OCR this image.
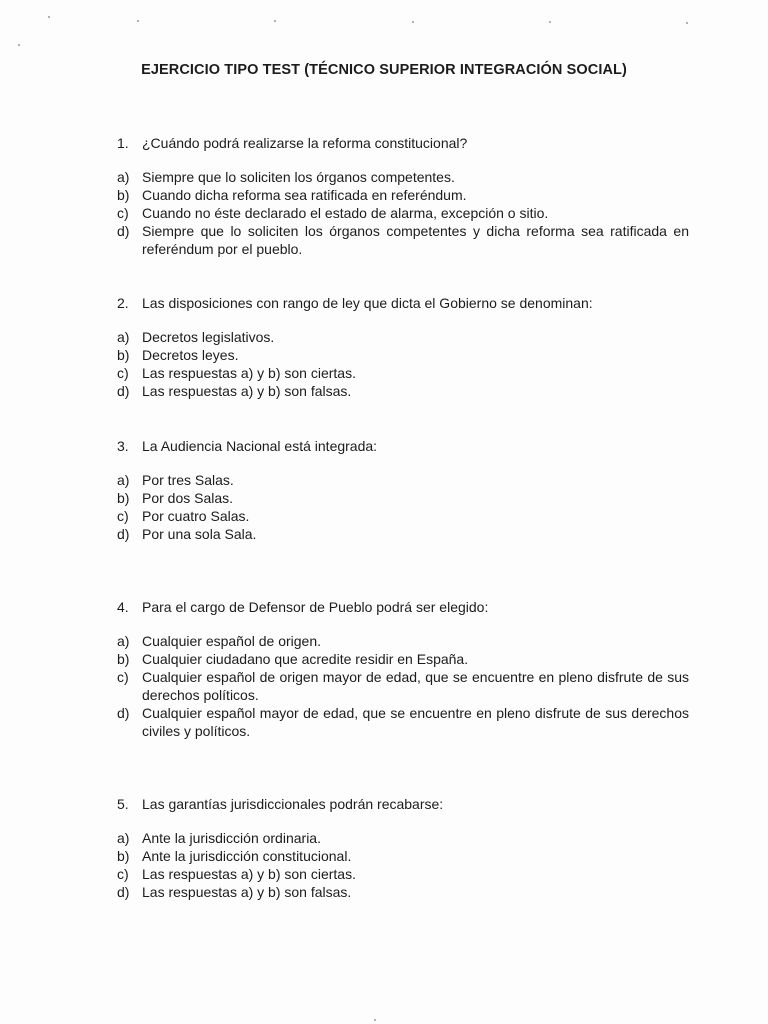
EJERCICIO TIPO TEST (TÉCNICO SUPERIOR INTEGRACIÓN SOCIAL)
1. ¿Cuándo podrá realizarse la reforma constitucional?
a) Siempre que lo soliciten los órganos competentes.
b) Cuando dicha reforma sea ratificada en referéndum.
c) Cuando no éste declarado el estado de alarma, excepción o sitio.
d) Siempre que lo soliciten los órganos competentes y dicha reforma sea ratificada en referéndum por el pueblo.
2. Las disposiciones con rango de ley que dicta el Gobierno se denominan:
a) Decretos legislativos.
b) Decretos leyes.
c) Las respuestas a) y b) son ciertas.
d) Las respuestas a) y b) son falsas.
3. La Audiencia Nacional está integrada:
a) Por tres Salas.
b) Por dos Salas.
c) Por cuatro Salas.
d) Por una sola Sala.
4. Para el cargo de Defensor de Pueblo podrá ser elegido:
a) Cualquier español de origen.
b) Cualquier ciudadano que acredite residir en España.
c) Cualquier español de origen mayor de edad, que se encuentre en pleno disfrute de sus derechos políticos.
d) Cualquier español mayor de edad, que se encuentre en pleno disfrute de sus derechos civiles y políticos.
5. Las garantías jurisdiccionales podrán recabarse:
a) Ante la jurisdicción ordinaria.
b) Ante la jurisdicción constitucional.
c) Las respuestas a) y b) son ciertas.
d) Las respuestas a) y b) son falsas.
